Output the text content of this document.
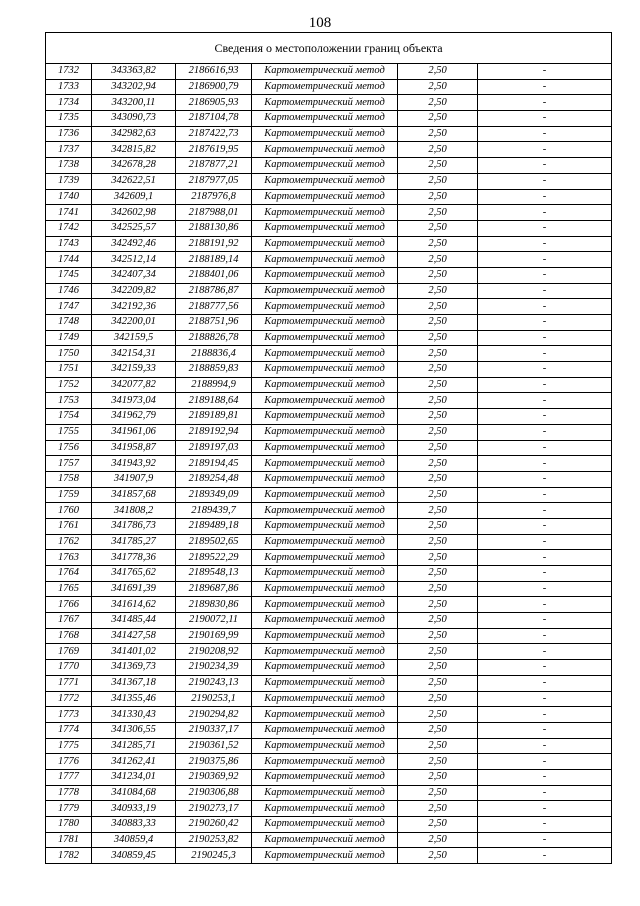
108
Сведения о местоположении границ объекта					
1732	343363,82	2186616,93	Картометрический метод	2,50	-
1733	343202,94	2186900,79	Картометрический метод	2,50	-
1734	343200,11	2186905,93	Картометрический метод	2,50	-
1735	343090,73	2187104,78	Картометрический метод	2,50	-
1736	342982,63	2187422,73	Картометрический метод	2,50	-
1737	342815,82	2187619,95	Картометрический метод	2,50	-
1738	342678,28	2187877,21	Картометрический метод	2,50	-
1739	342622,51	2187977,05	Картометрический метод	2,50	-
1740	342609,1	2187976,8	Картометрический метод	2,50	-
1741	342602,98	2187988,01	Картометрический метод	2,50	-
1742	342525,57	2188130,86	Картометрический метод	2,50	-
1743	342492,46	2188191,92	Картометрический метод	2,50	-
1744	342512,14	2188189,14	Картометрический метод	2,50	-
1745	342407,34	2188401,06	Картометрический метод	2,50	-
1746	342209,82	2188786,87	Картометрический метод	2,50	-
1747	342192,36	2188777,56	Картометрический метод	2,50	-
1748	342200,01	2188751,96	Картометрический метод	2,50	-
1749	342159,5	2188826,78	Картометрический метод	2,50	-
1750	342154,31	2188836,4	Картометрический метод	2,50	-
1751	342159,33	2188859,83	Картометрический метод	2,50	-
1752	342077,82	2188994,9	Картометрический метод	2,50	-
1753	341973,04	2189188,64	Картометрический метод	2,50	-
1754	341962,79	2189189,81	Картометрический метод	2,50	-
1755	341961,06	2189192,94	Картометрический метод	2,50	-
1756	341958,87	2189197,03	Картометрический метод	2,50	-
1757	341943,92	2189194,45	Картометрический метод	2,50	-
1758	341907,9	2189254,48	Картометрический метод	2,50	-
1759	341857,68	2189349,09	Картометрический метод	2,50	-
1760	341808,2	2189439,7	Картометрический метод	2,50	-
1761	341786,73	2189489,18	Картометрический метод	2,50	-
1762	341785,27	2189502,65	Картометрический метод	2,50	-
1763	341778,36	2189522,29	Картометрический метод	2,50	-
1764	341765,62	2189548,13	Картометрический метод	2,50	-
1765	341691,39	2189687,86	Картометрический метод	2,50	-
1766	341614,62	2189830,86	Картометрический метод	2,50	-
1767	341485,44	2190072,11	Картометрический метод	2,50	-
1768	341427,58	2190169,99	Картометрический метод	2,50	-
1769	341401,02	2190208,92	Картометрический метод	2,50	-
1770	341369,73	2190234,39	Картометрический метод	2,50	-
1771	341367,18	2190243,13	Картометрический метод	2,50	-
1772	341355,46	2190253,1	Картометрический метод	2,50	-
1773	341330,43	2190294,82	Картометрический метод	2,50	-
1774	341306,55	2190337,17	Картометрический метод	2,50	-
1775	341285,71	2190361,52	Картометрический метод	2,50	-
1776	341262,41	2190375,86	Картометрический метод	2,50	-
1777	341234,01	2190369,92	Картометрический метод	2,50	-
1778	341084,68	2190306,88	Картометрический метод	2,50	-
1779	340933,19	2190273,17	Картометрический метод	2,50	-
1780	340883,33	2190260,42	Картометрический метод	2,50	-
1781	340859,4	2190253,82	Картометрический метод	2,50	-
1782	340859,45	2190245,3	Картометрический метод	2,50	-
